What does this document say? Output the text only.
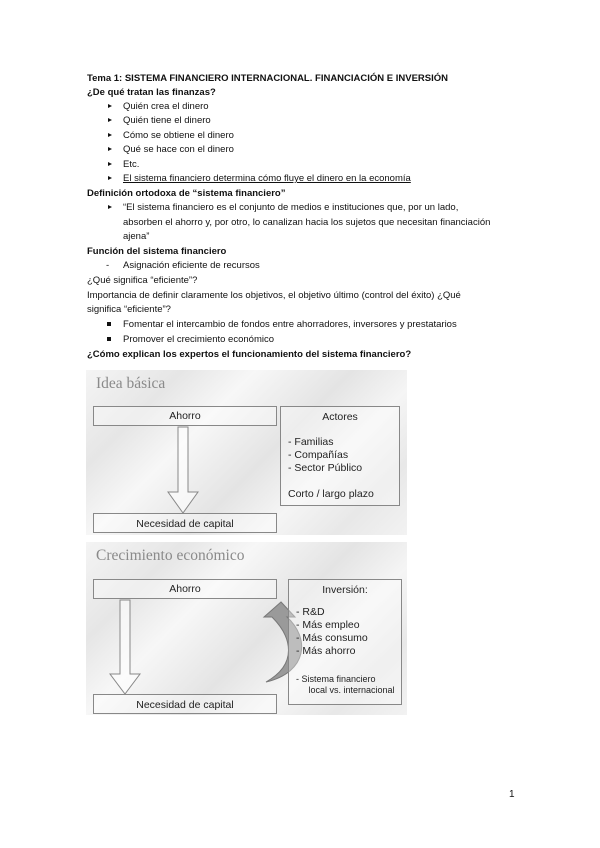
Tema 1: SISTEMA FINANCIERO INTERNACIONAL. FINANCIACIÓN E INVERSIÓN
¿De qué tratan las finanzas?
Quién crea el dinero
Quién tiene el dinero
Cómo se obtiene el dinero
Qué se hace con el dinero
Etc.
El sistema financiero determina cómo fluye el dinero en la economía
Definición ortodoxa de “sistema financiero”
“El sistema financiero es el conjunto de medios e instituciones que, por un lado,
absorben el ahorro y, por otro, lo canalizan hacia los sujetos que necesitan financiación
ajena”
Función del sistema financiero
- Asignación eficiente de recursos
¿Qué significa “eficiente”?
Importancia de definir claramente los objetivos, el objetivo último (control del éxito) ¿Qué
significa “eficiente”?
Fomentar el intercambio de fondos entre ahorradores, inversores y prestatarios
Promover el crecimiento económico
¿Cómo explican los expertos el funcionamiento del sistema financiero?
Idea básica
Ahorro
Necesidad de capital
Actores
- Familias
- Compañías
- Sector Público
Corto / largo plazo
Crecimiento económico
Ahorro
Necesidad de capital
Inversión:
- R&D
- Más empleo
- Más consumo
- Más ahorro
- Sistema financiero
local vs. internacional
1
